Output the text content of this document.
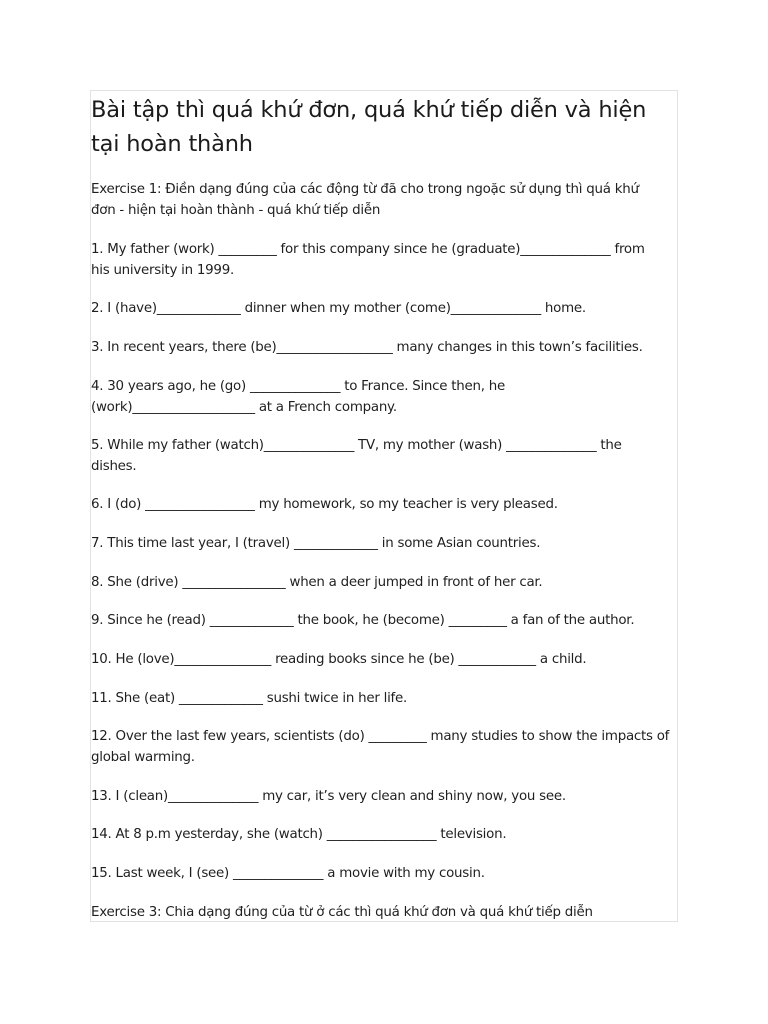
Bài tập thì quá khứ đơn, quá khứ tiếp diễn và hiện tại hoàn thành
Exercise 1: Điền dạng đúng của các động từ đã cho trong ngoặc sử dụng thì quá khứ
đơn - hiện tại hoàn thành - quá khứ tiếp diễn
1. My father (work) _________ for this company since he (graduate)______________ from
his university in 1999.
2. I (have)_____________ dinner when my mother (come)______________ home.
3. In recent years, there (be)__________________ many changes in this town’s facilities.
4. 30 years ago, he (go) ______________ to France. Since then, he
(work)___________________ at a French company.
5. While my father (watch)______________ TV, my mother (wash) ______________ the
dishes.
6. I (do) _________________ my homework, so my teacher is very pleased.
7. This time last year, I (travel) _____________ in some Asian countries.
8. She (drive) ________________ when a deer jumped in front of her car.
9. Since he (read) _____________ the book, he (become) _________ a fan of the author.
10. He (love)_______________ reading books since he (be) ____________ a child.
11. She (eat) _____________ sushi twice in her life.
12. Over the last few years, scientists (do) _________ many studies to show the impacts of
global warming.
13. I (clean)______________ my car, it’s very clean and shiny now, you see.
14. At 8 p.m yesterday, she (watch) _________________ television.
15. Last week, I (see) ______________ a movie with my cousin.
Exercise 3: Chia dạng đúng của từ ở các thì quá khứ đơn và quá khứ tiếp diễn
